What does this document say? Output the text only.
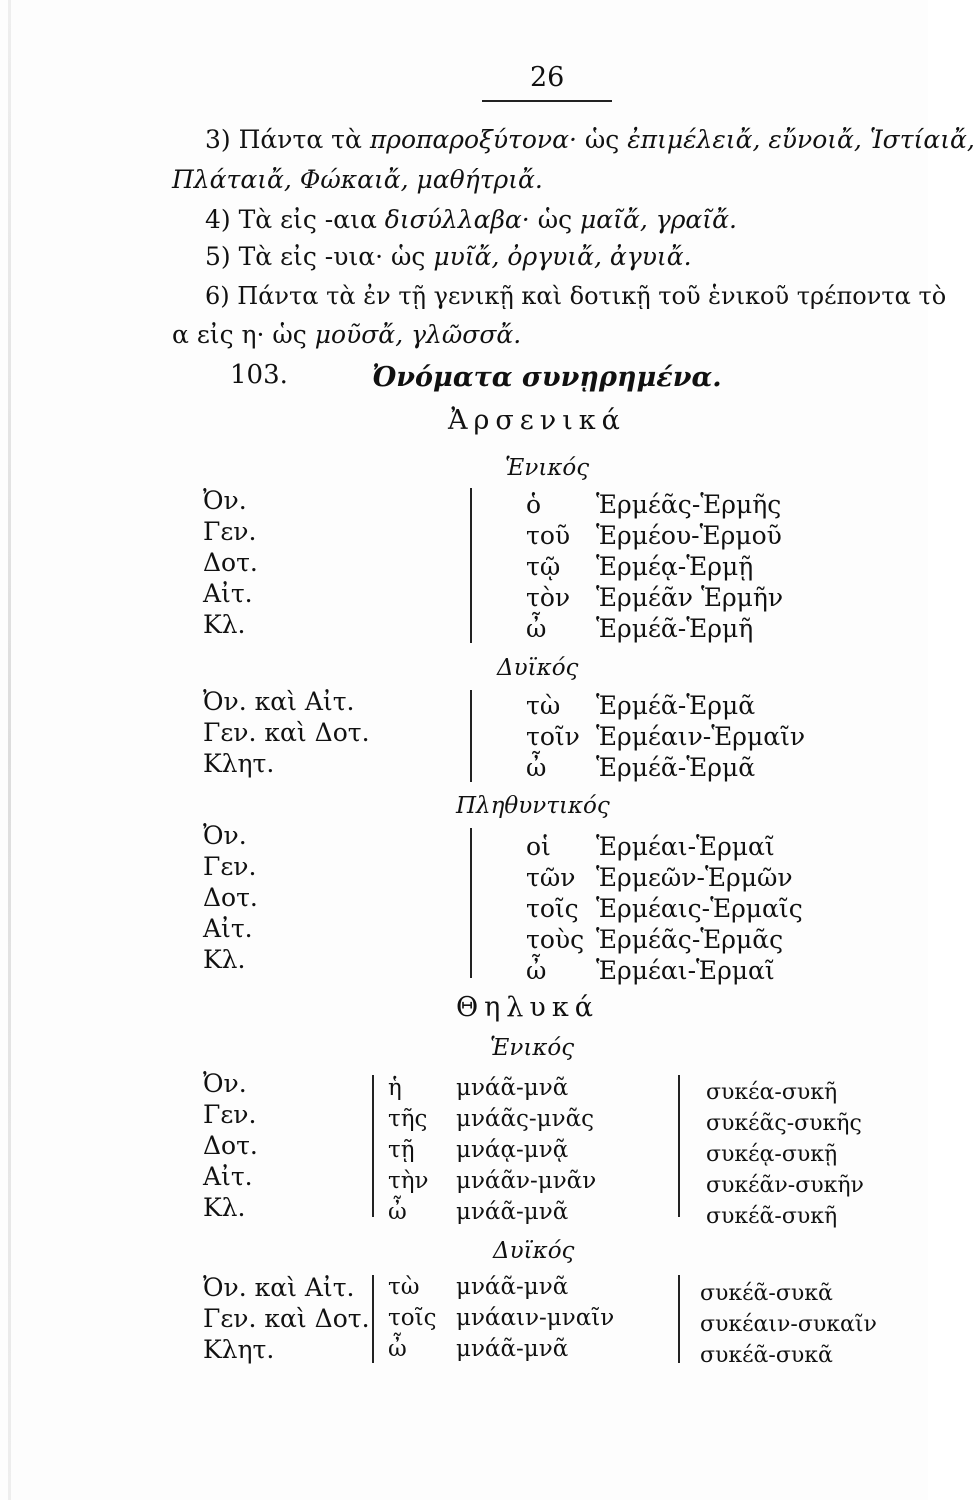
26
3) Πάντα τὰ προπαροξύτονα· ὡς ἐπιμέλειἄ, εὔνοιἄ, Ἱστίαιἄ,
Πλάταιἄ, Φώκαιἄ, μαθήτριἄ.
4) Τὰ εἰς -αια δισύλλαβα· ὡς μαῖἄ, γραῖἄ.
5) Τὰ εἰς -υια· ὡς μυῖἄ, ὀργυιἄ, ἀγυιἄ.
6) Πάντα τὰ ἐν τῇ γενικῇ καὶ δοτικῇ τοῦ ἑνικοῦ τρέποντα τὸ
α εἰς η· ὡς μοῦσἄ, γλῶσσἄ.
103.	Ὀνόματα συνῃρημένα.
Ἀρσενικά
Ἑνικός
Ὀν.
Γεν.
Δοτ.
Αἰτ.
Κλ.
ὁ
τοῦ
τῷ
τὸν
ὦ
Ἑρμέᾶς-Ἑρμῆς
Ἑρμέου-Ἑρμοῦ
Ἑρμέᾳ-Ἑρμῇ
Ἑρμέᾶν Ἑρμῆν
Ἑρμέᾶ-Ἑρμῆ
Δυϊκός
Ὀν. καὶ Αἰτ.
Γεν. καὶ Δοτ.
Κλητ.
τὼ
τοῖν
ὦ
Ἑρμέᾶ-Ἑρμᾶ
Ἑρμέαιν-Ἑρμαῖν
Ἑρμέᾶ-Ἑρμᾶ
Πληθυντικός
Ὀν.
Γεν.
Δοτ.
Αἰτ.
Κλ.
οἱ
τῶν
τοῖς
τοὺς
ὦ
Ἑρμέαι-Ἑρμαῖ
Ἑρμεῶν-Ἑρμῶν
Ἑρμέαις-Ἑρμαῖς
Ἑρμέᾶς-Ἑρμᾶς
Ἑρμέαι-Ἑρμαῖ
Θηλυκά
Ἑνικός
Ὀν.
Γεν.
Δοτ.
Αἰτ.
Κλ.
ἡ
τῆς
τῇ
τὴν
ὦ
μνάᾶ-μνᾶ
μνάᾶς-μνᾶς
μνάᾳ-μνᾷ
μνάᾶν-μνᾶν
μνάᾶ-μνᾶ
συκέα-συκῆ
συκέᾶς-συκῆς
συκέᾳ-συκῇ
συκέᾶν-συκῆν
συκέᾶ-συκῆ
Δυϊκός
Ὀν. καὶ Αἰτ.
Γεν. καὶ Δοτ.
Κλητ.
τὼ
τοῖς
ὦ
μνάᾶ-μνᾶ
μνάαιν-μναῖν
μνάᾶ-μνᾶ
συκέᾶ-συκᾶ
συκέαιν-συκαῖν
συκέᾶ-συκᾶ
